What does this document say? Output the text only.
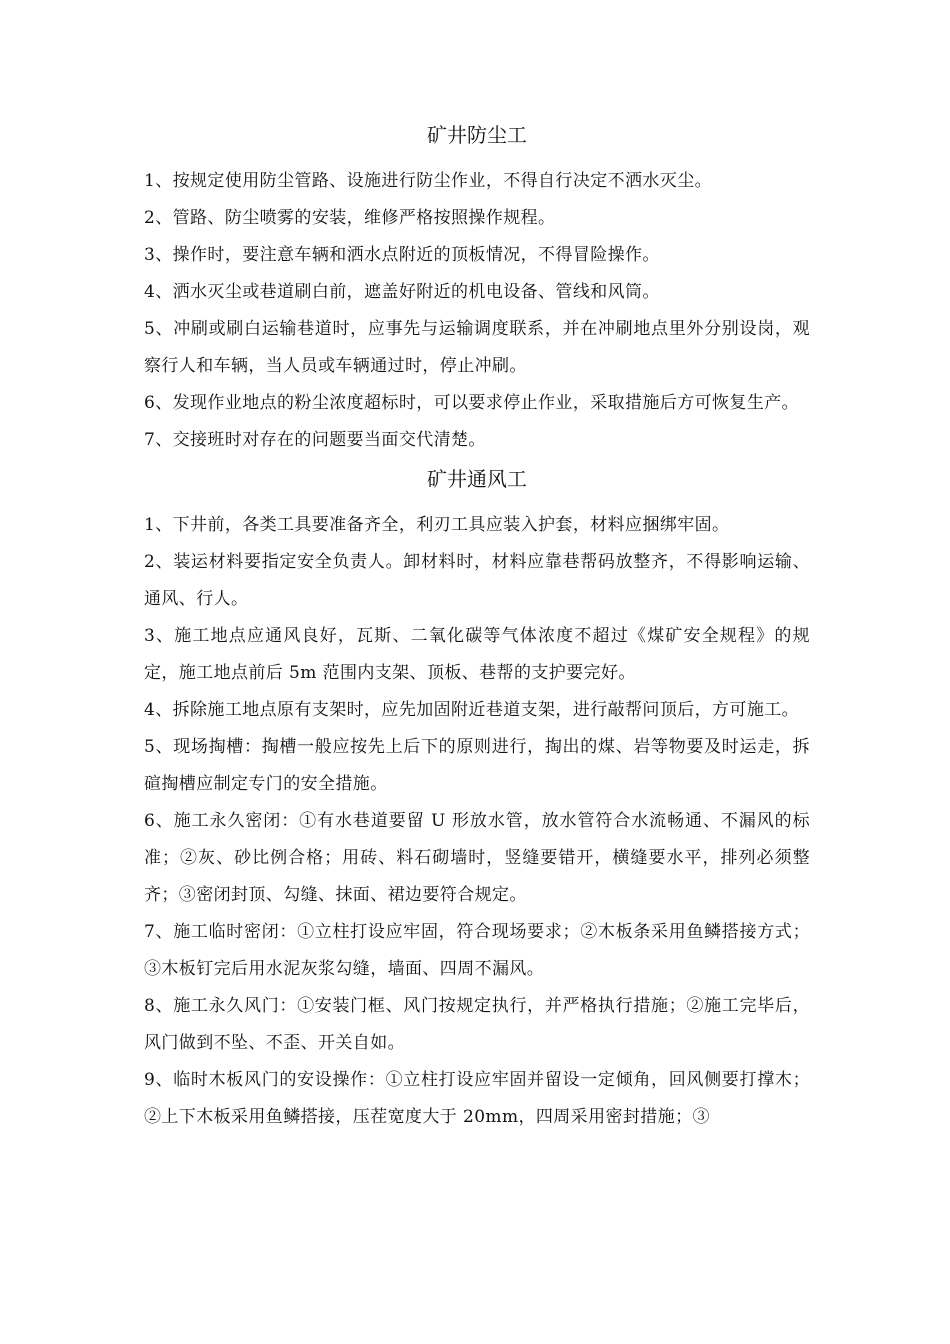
矿井防尘工

1、按规定使用防尘管路、设施进行防尘作业，不得自行决定不洒水灭尘。

2、管路、防尘喷雾的安装，维修严格按照操作规程。

3、操作时，要注意车辆和洒水点附近的顶板情况，不得冒险操作。

4、洒水灭尘或巷道刷白前，遮盖好附近的机电设备、管线和风筒。

5、冲刷或刷白运输巷道时，应事先与运输调度联系，并在冲刷地点里外分别设岗，观察行人和车辆，当人员或车辆通过时，停止冲刷。

6、发现作业地点的粉尘浓度超标时，可以要求停止作业，采取措施后方可恢复生产。

7、交接班时对存在的问题要当面交代清楚。

矿井通风工

1、下井前，各类工具要准备齐全，利刃工具应装入护套，材料应捆绑牢固。

2、装运材料要指定安全负责人。卸材料时，材料应靠巷帮码放整齐，不得影响运输、通风、行人。

3、施工地点应通风良好，瓦斯、二氧化碳等气体浓度不超过《煤矿安全规程》的规定，施工地点前后 5m 范围内支架、顶板、巷帮的支护要完好。

4、拆除施工地点原有支架时，应先加固附近巷道支架，进行敲帮问顶后，方可施工。

5、现场掏槽：掏槽一般应按先上后下的原则进行，掏出的煤、岩等物要及时运走，拆碹掏槽应制定专门的安全措施。

6、施工永久密闭：①有水巷道要留 U 形放水管，放水管符合水流畅通、不漏风的标准；②灰、砂比例合格；用砖、料石砌墙时，竖缝要错开，横缝要水平，排列必须整齐；③密闭封顶、勾缝、抹面、裙边要符合规定。

7、施工临时密闭：①立柱打设应牢固，符合现场要求；②木板条采用鱼鳞搭接方式；③木板钉完后用水泥灰浆勾缝，墙面、四周不漏风。

8、施工永久风门：①安装门框、风门按规定执行，并严格执行措施；②施工完毕后，风门做到不坠、不歪、开关自如。

9、临时木板风门的安设操作：①立柱打设应牢固并留设一定倾角，回风侧要打撑木；②上下木板采用鱼鳞搭接，压茬宽度大于 20mm，四周采用密封措施；③
